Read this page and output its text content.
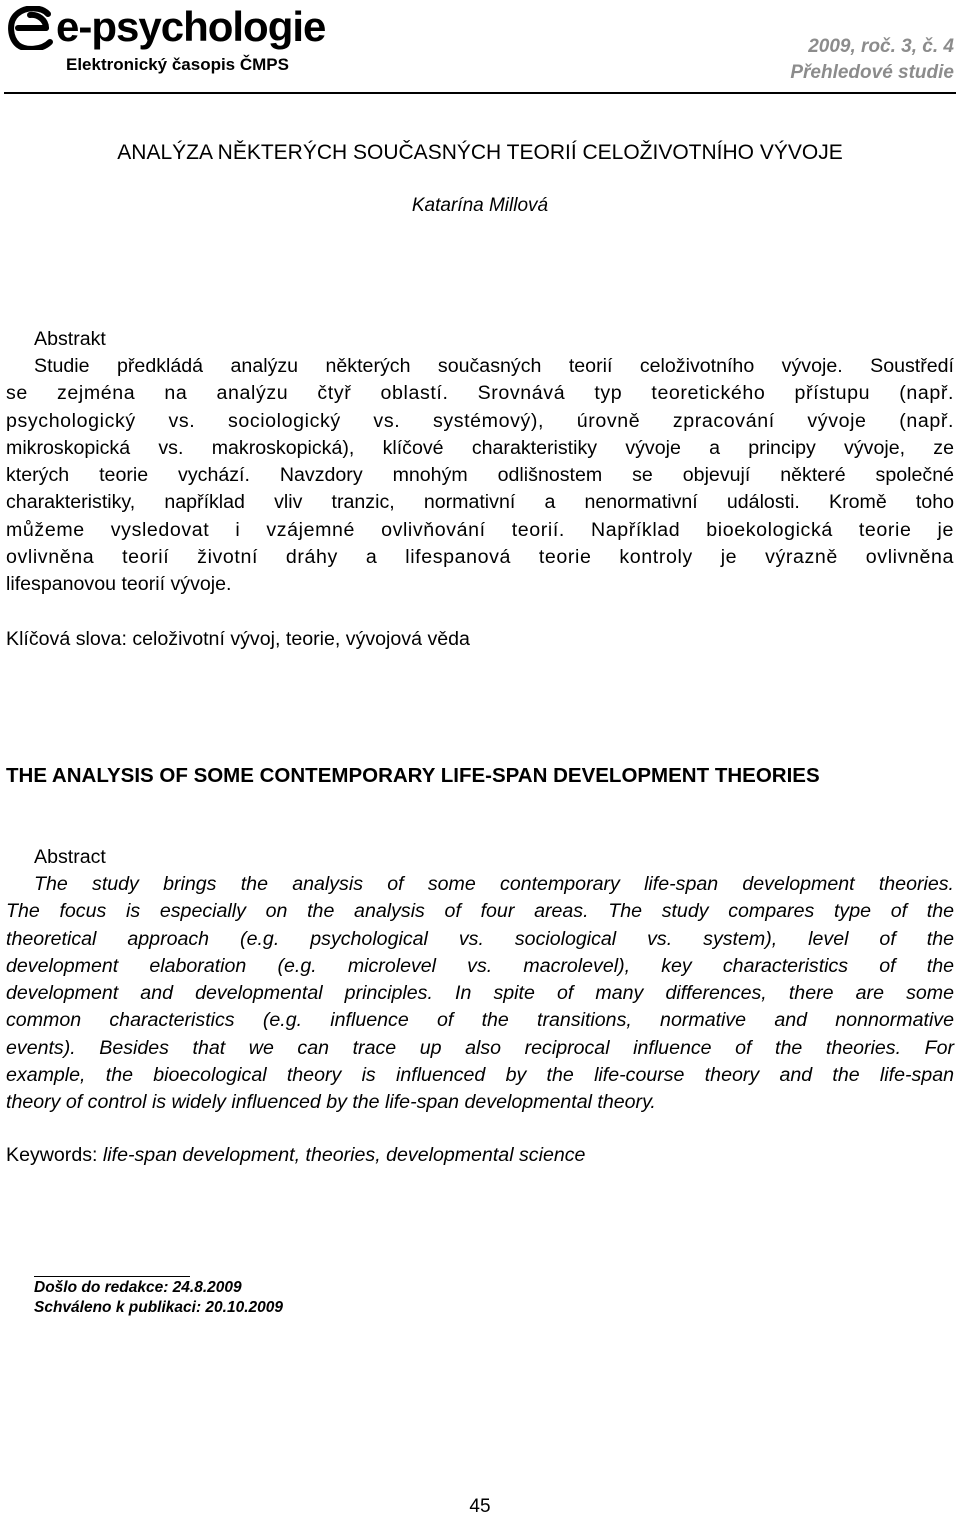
e-psychologie
Elektronický časopis ČMPS
2009, roč. 3, č. 4
Přehledové studie
ANALÝZA NĚKTERÝCH SOUČASNÝCH TEORIÍ CELOŽIVOTNÍHO VÝVOJE
Katarína Millová
Abstrakt
Studie předkládá analýzu některých současných teorií celoživotního vývoje. Soustředí
se zejména na analýzu čtyř oblastí. Srovnává typ teoretického přístupu (např.
psychologický vs. sociologický vs. systémový), úrovně zpracování vývoje (např.
mikroskopická vs. makroskopická), klíčové charakteristiky vývoje a principy vývoje, ze
kterých teorie vychází. Navzdory mnohým odlišnostem se objevují některé společné
charakteristiky, například vliv tranzic, normativní a nenormativní události. Kromě toho
můžeme vysledovat i vzájemné ovlivňování teorií. Například bioekologická teorie je
ovlivněna teorií životní dráhy a lifespanová teorie kontroly je výrazně ovlivněna
lifespanovou teorií vývoje.
Klíčová slova: celoživotní vývoj, teorie, vývojová věda
THE ANALYSIS OF SOME CONTEMPORARY LIFE-SPAN DEVELOPMENT THEORIES
Abstract
The study brings the analysis of some contemporary life-span development theories.
The focus is especially on the analysis of four areas. The study compares type of the
theoretical approach (e.g. psychological vs. sociological vs. system), level of the
development elaboration (e.g. microlevel vs. macrolevel), key characteristics of the
development and developmental principles. In spite of many differences, there are some
common characteristics (e.g. influence of the transitions, normative and nonnormative
events). Besides that we can trace up also reciprocal influence of the theories. For
example, the bioecological theory is influenced by the life-course theory and the life-span
theory of control is widely influenced by the life-span developmental theory.
Keywords: life-span development, theories, developmental science
Došlo do redakce: 24.8.2009
Schváleno k publikaci: 20.10.2009
45
